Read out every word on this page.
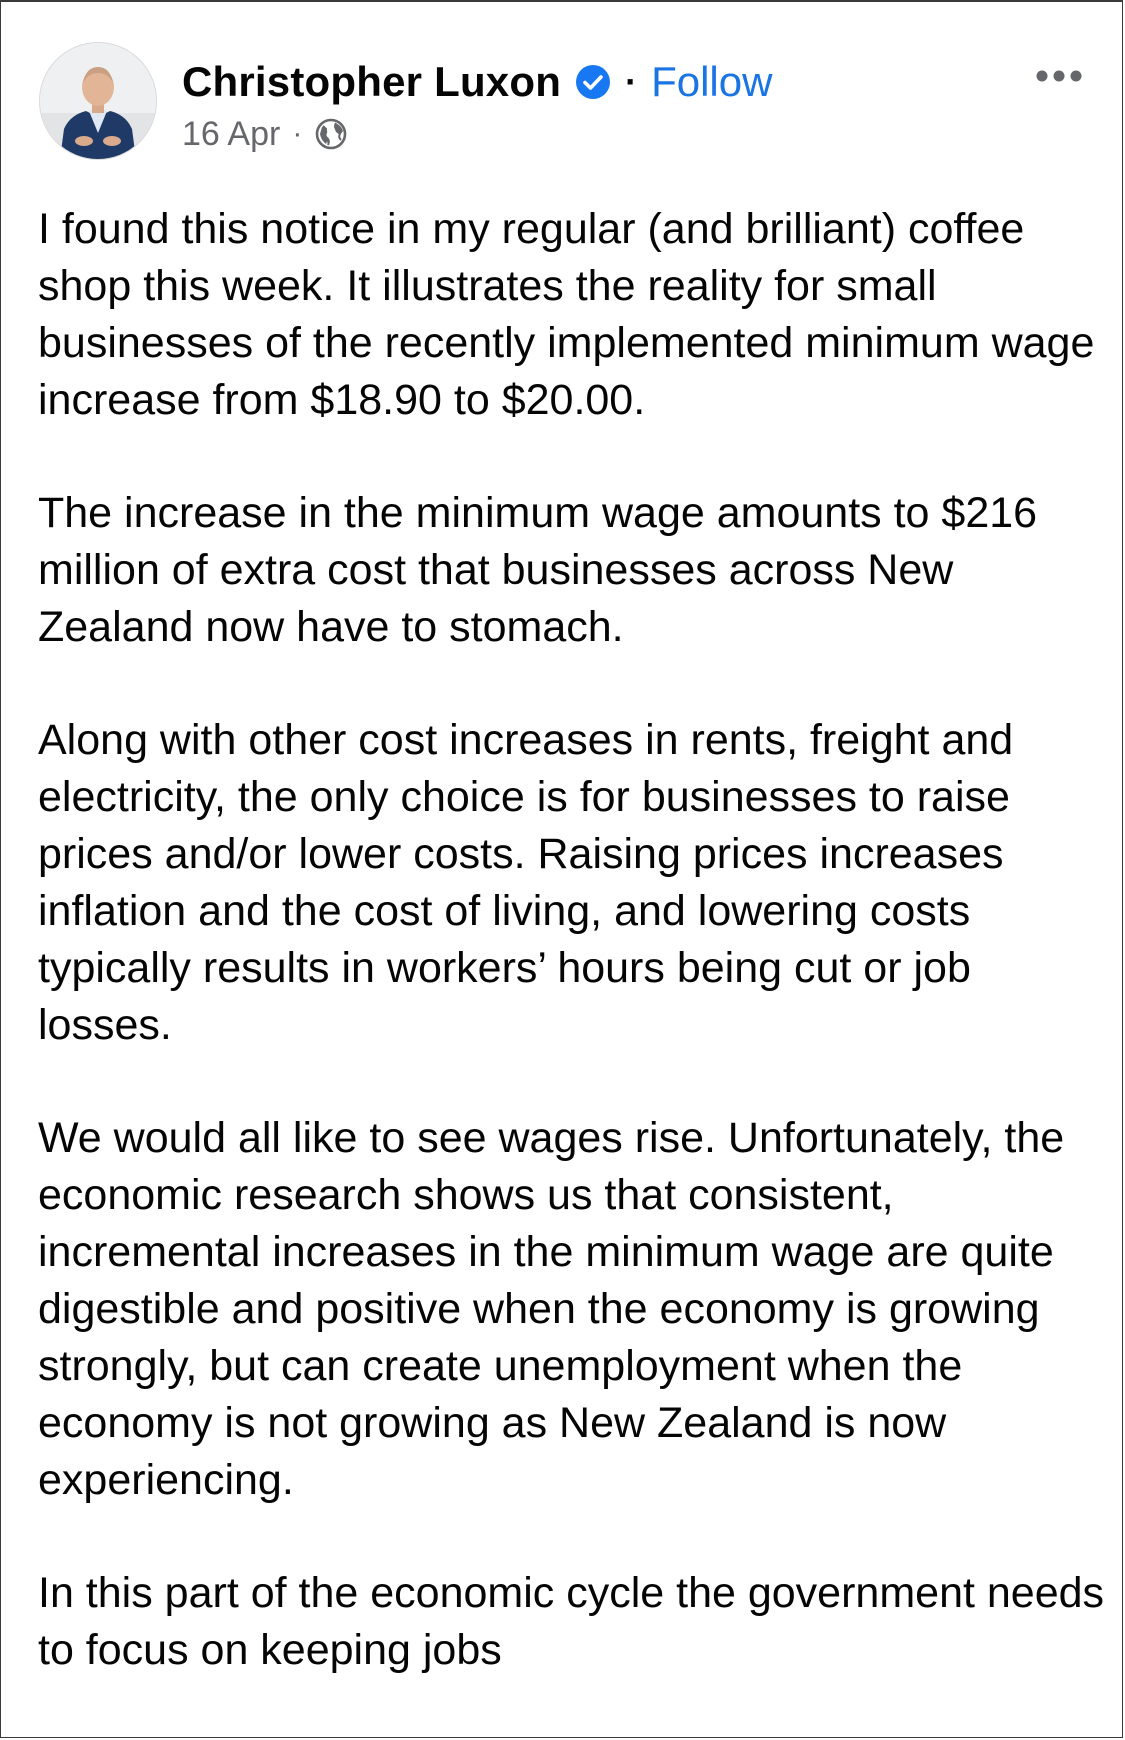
Christopher Luxon · Follow
16 Apr ·

I found this notice in my regular (and brilliant) coffee shop this week. It illustrates the reality for small businesses of the recently implemented minimum wage increase from $18.90 to $20.00.

The increase in the minimum wage amounts to $216 million of extra cost that businesses across New Zealand now have to stomach.

Along with other cost increases in rents, freight and electricity, the only choice is for businesses to raise prices and/or lower costs. Raising prices increases inflation and the cost of living, and lowering costs typically results in workers’ hours being cut or job losses.

We would all like to see wages rise. Unfortunately, the economic research shows us that consistent, incremental increases in the minimum wage are quite digestible and positive when the economy is growing strongly, but can create unemployment when the economy is not growing as New Zealand is now experiencing.

In this part of the economic cycle the government needs to focus on keeping jobs
